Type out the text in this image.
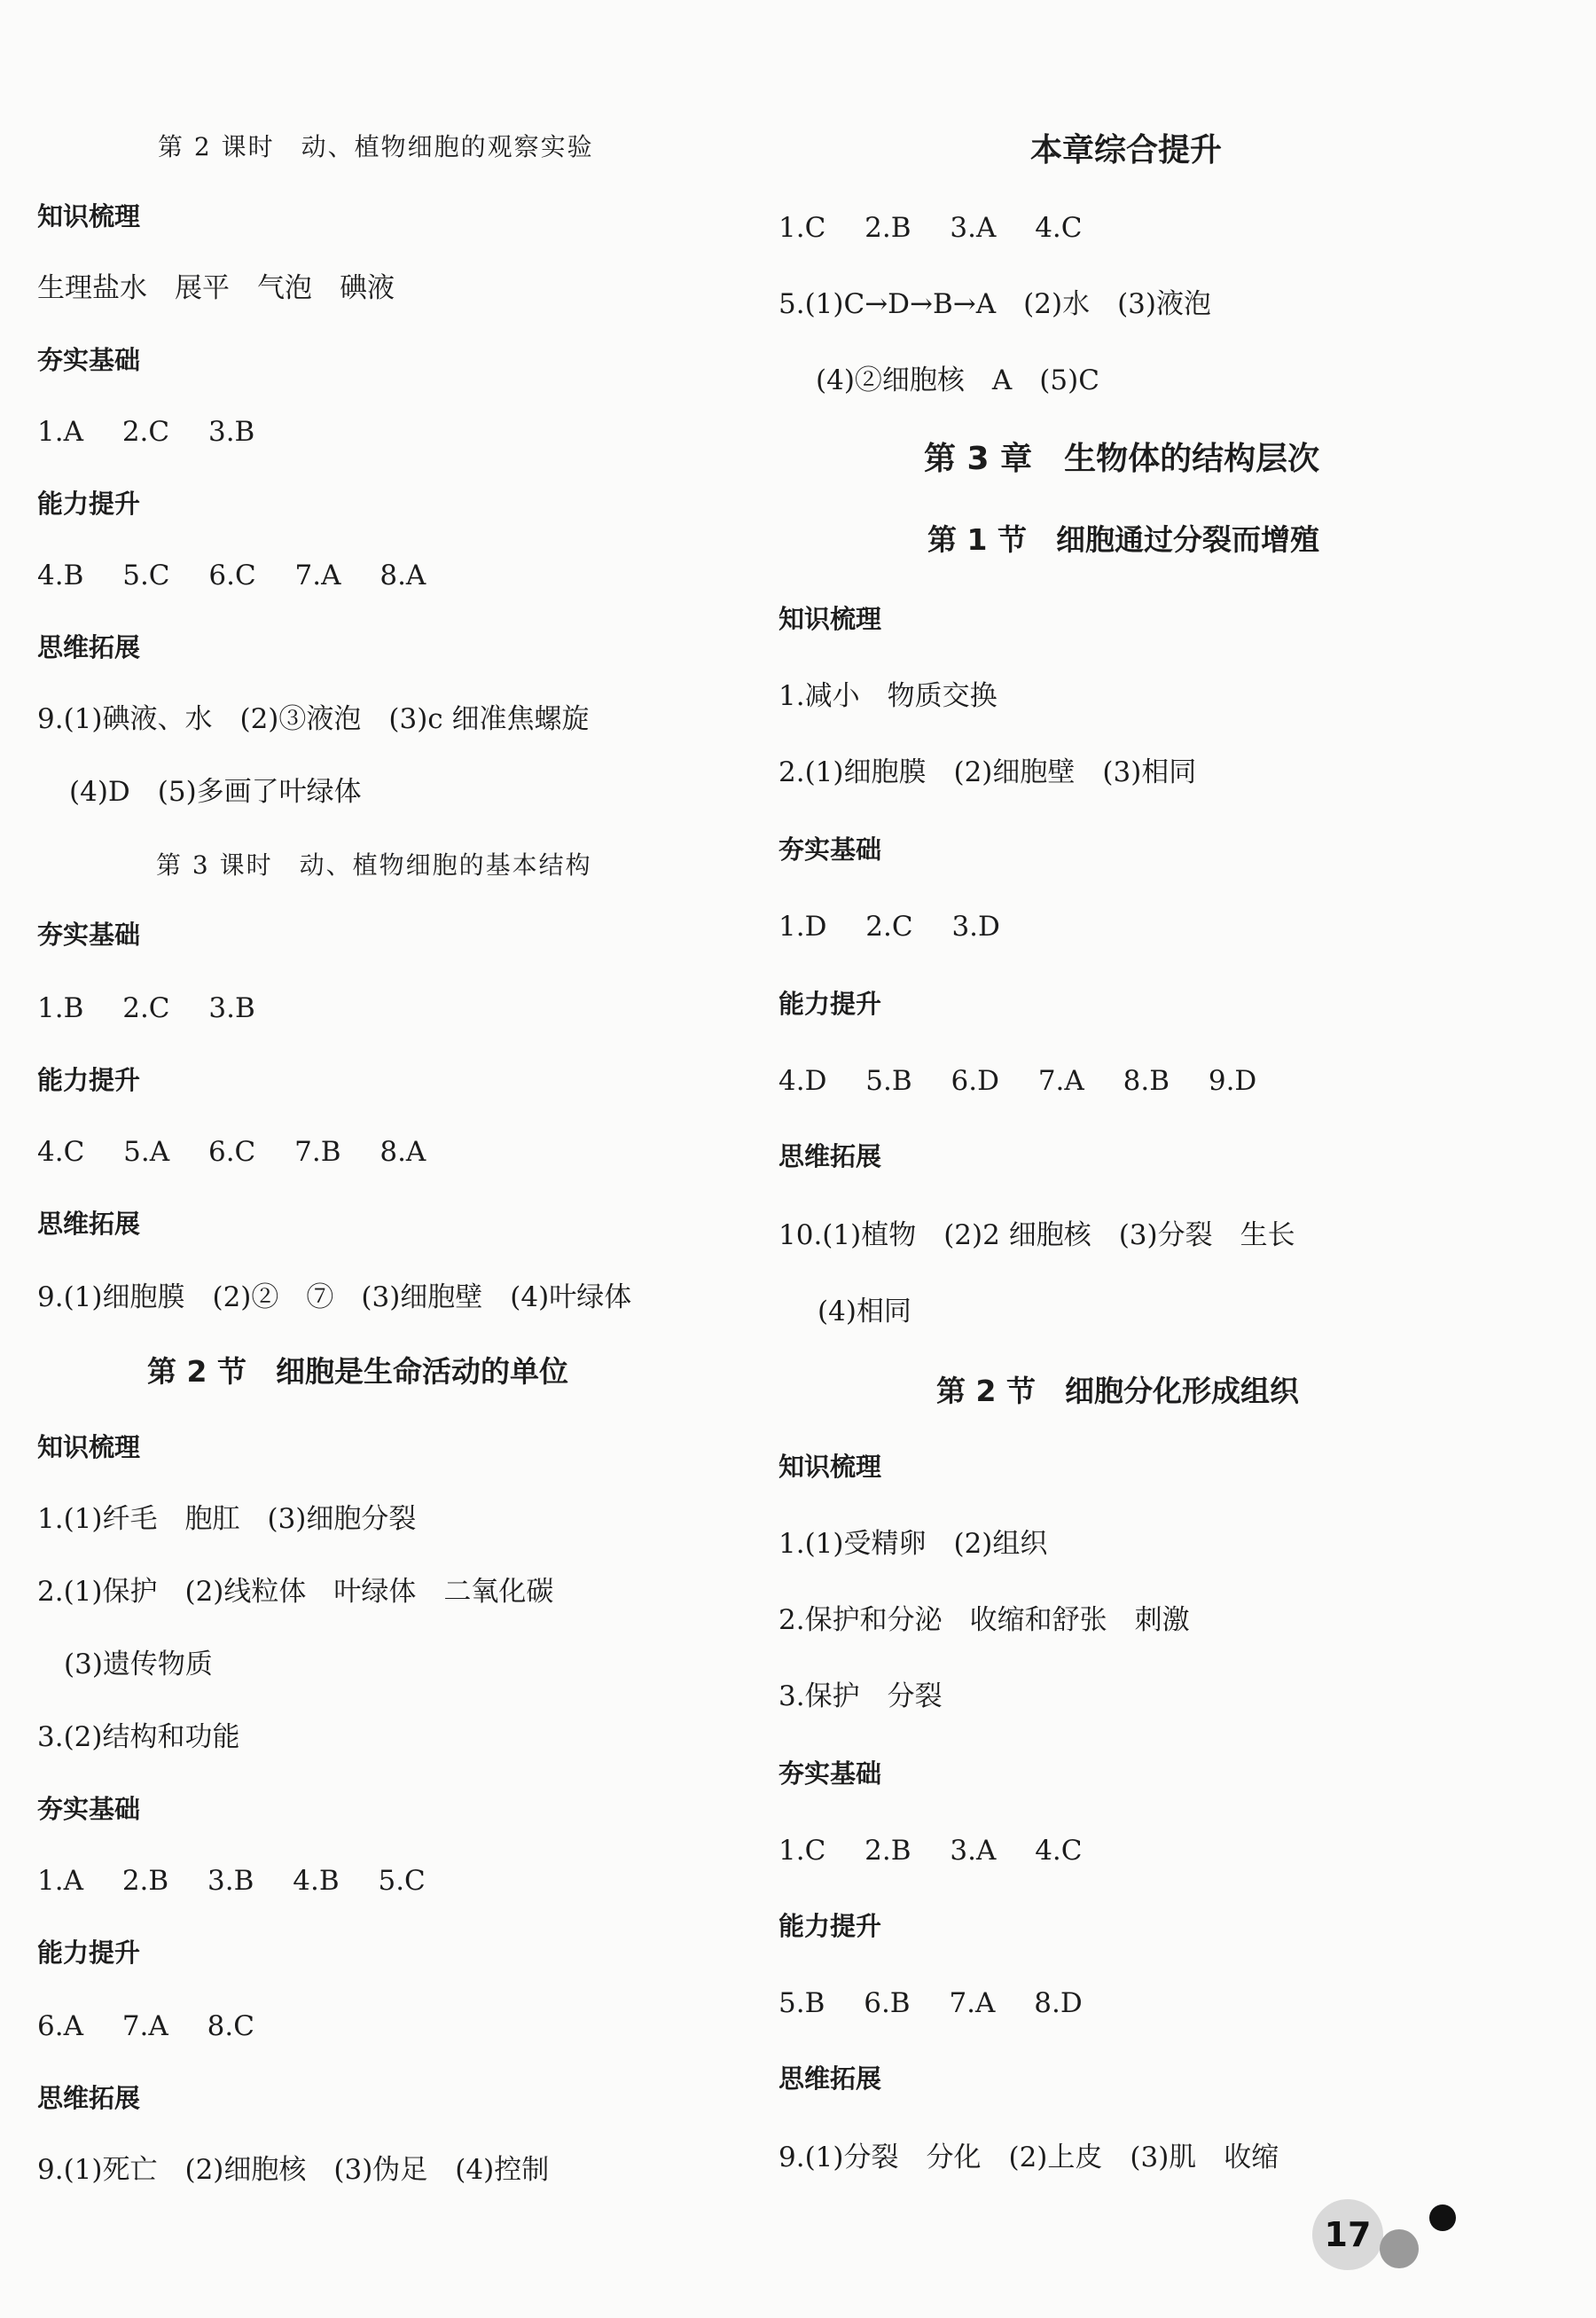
第 2 课时　动、植物细胞的观察实验
知识梳理
生理盐水　展平　气泡　碘液
夯实基础
1.A 2.C 3.B
能力提升
4.B 5.C 6.C 7.A 8.A
思维拓展
9.(1)碘液、水　(2)③液泡　(3)c 细准焦螺旋
(4)D　(5)多画了叶绿体
第 3 课时　动、植物细胞的基本结构
夯实基础
1.B 2.C 3.B
能力提升
4.C 5.A 6.C 7.B 8.A
思维拓展
9.(1)细胞膜　(2)②　⑦　(3)细胞壁　(4)叶绿体
第 2 节　细胞是生命活动的单位
知识梳理
1.(1)纤毛　胞肛　(3)细胞分裂
2.(1)保护　(2)线粒体　叶绿体　二氧化碳
(3)遗传物质
3.(2)结构和功能
夯实基础
1.A 2.B 3.B 4.B 5.C
能力提升
6.A 7.A 8.C
思维拓展
9.(1)死亡　(2)细胞核　(3)伪足　(4)控制
本章综合提升
1.C 2.B 3.A 4.C
5.(1)C→D→B→A　(2)水　(3)液泡
(4)②细胞核　A　(5)C
第 3 章　生物体的结构层次
第 1 节　细胞通过分裂而增殖
知识梳理
1.减小　物质交换
2.(1)细胞膜　(2)细胞壁　(3)相同
夯实基础
1.D 2.C 3.D
能力提升
4.D 5.B 6.D 7.A 8.B 9.D
思维拓展
10.(1)植物　(2)2 细胞核　(3)分裂　生长
(4)相同
第 2 节　细胞分化形成组织
知识梳理
1.(1)受精卵　(2)组织
2.保护和分泌　收缩和舒张　刺激
3.保护　分裂
夯实基础
1.C 2.B 3.A 4.C
能力提升
5.B 6.B 7.A 8.D
思维拓展
9.(1)分裂　分化　(2)上皮　(3)肌　收缩
17
